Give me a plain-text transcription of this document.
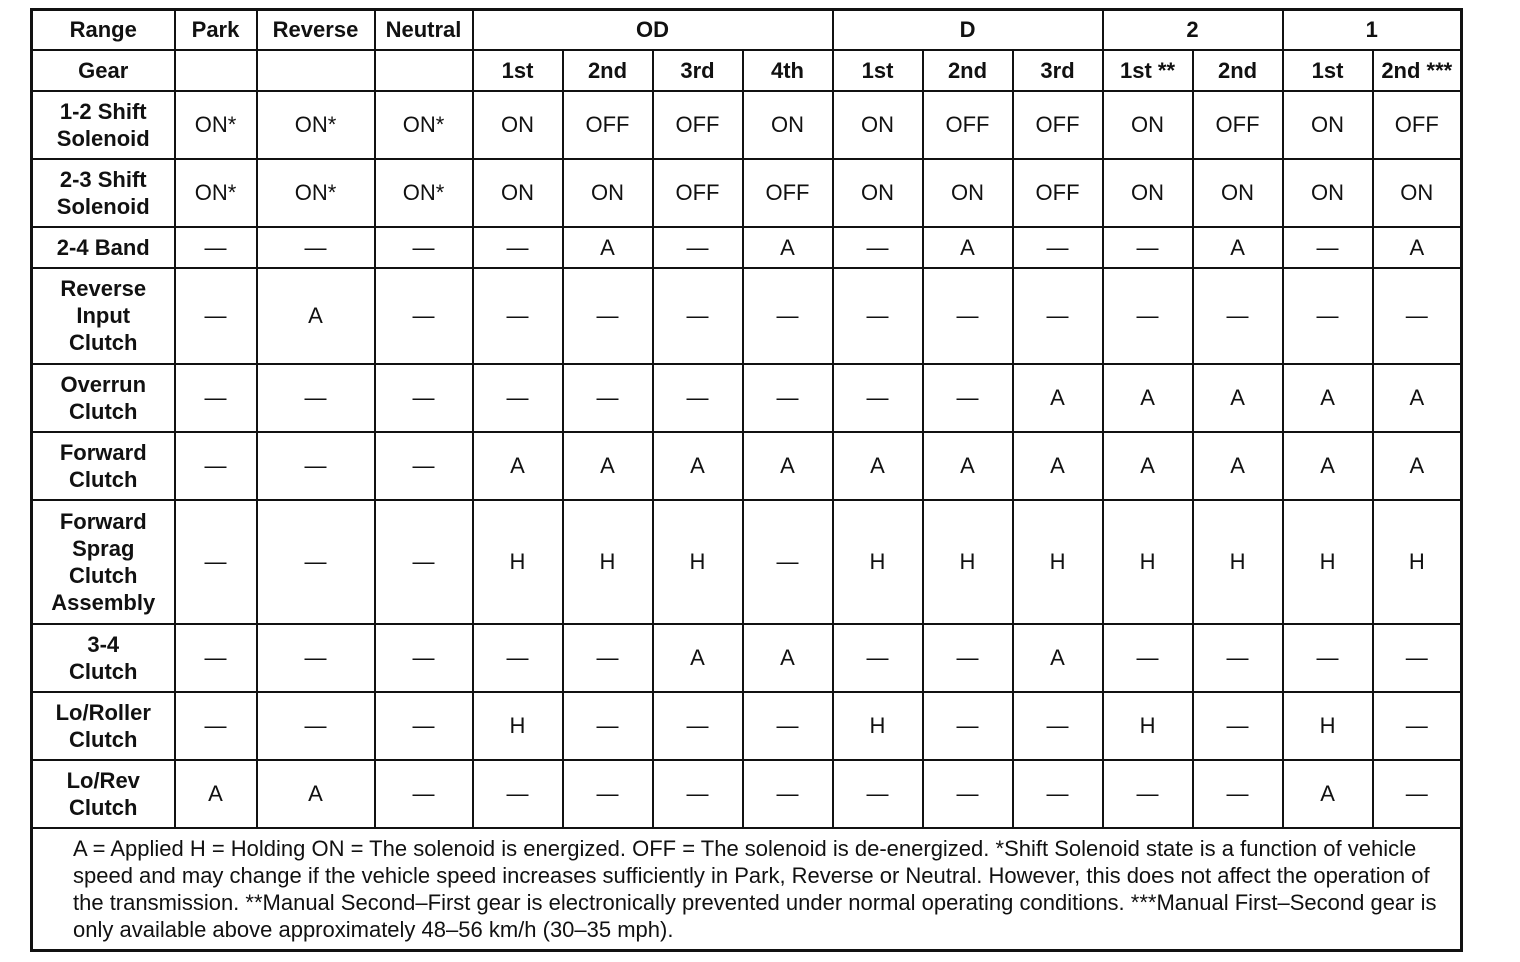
Range	Park	Reverse	Neutral	OD				D			2		1	
Gear				1st	2nd	3rd	4th	1st	2nd	3rd	1st **	2nd	1st	2nd ***

1-2 Shift
Solenoid	ON*	ON*	ON*	ON	OFF	OFF	ON	ON	OFF	OFF	ON	OFF	ON	OFF

2-3 Shift
Solenoid	ON*	ON*	ON*	ON	ON	OFF	OFF	ON	ON	OFF	ON	ON	ON	ON

2-4 Band	—	—	—	—	A	—	A	—	A	—	—	A	—	A

Reverse
Input
Clutch	—	A	—	—	—	—	—	—	—	—	—	—	—	—

Overrun
Clutch	—	—	—	—	—	—	—	—	—	A	A	A	A	A

Forward
Clutch	—	—	—	A	A	A	A	A	A	A	A	A	A	A

Forward
Sprag
Clutch
Assembly	—	—	—	H	H	H	—	H	H	H	H	H	H	H

3-4
Clutch	—	—	—	—	—	A	A	—	—	A	—	—	—	—

Lo/Roller
Clutch	—	—	—	H	—	—	—	H	—	—	H	—	H	—

Lo/Rev
Clutch	A	A	—	—	—	—	—	—	—	—	—	—	A	—
A = Applied H = Holding ON = The solenoid is energized. OFF = The solenoid is de-energized. *Shift Solenoid state is a function of vehicle speed and may change if the vehicle speed increases sufficiently in Park, Reverse or Neutral. However, this does not affect the operation of the transmission. **Manual Second–First gear is electronically prevented under normal operating conditions. ***Manual First–Second gear is only available above approximately 48–56 km/h (30–35 mph).														
